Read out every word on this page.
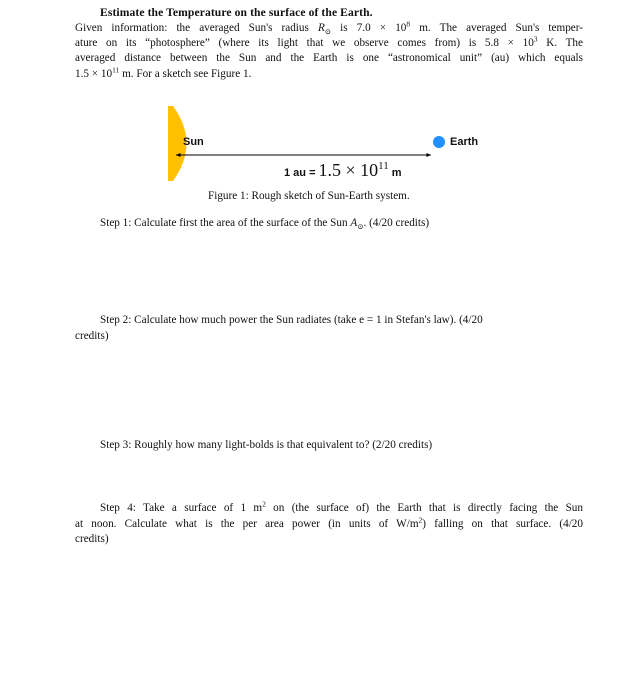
Estimate the Temperature on the surface of the Earth.
Given information: the averaged Sun's radius $R_⊙$ is $7.0 \times 10^8$ m. The averaged Sun's temper-
ature on its “photosphere” (where its light that we observe comes from) is $5.8 \times 10^3$ K. The
averaged distance between the Sun and the Earth is one “astronomical unit” (au) which equals
$1.5 \times 10^{11}$ m. For a sketch see Figure 1.
Sun	Earth
1 au = $1.5 \times 10^{11}$
m
Figure 1: Rough sketch of Sun-Earth system.
Step 1: Calculate first the area of the surface of the Sun $A_⊙$. (4/20 credits)
Step 2: Calculate how much power the Sun radiates (take e = 1 in Stefan's law). (4/20
credits)
Step 3: Roughly how many light-bolds is that equivalent to? (2/20 credits)
Step 4: Take a surface of 1 $m^2$ on (the surface of) the Earth that is directly facing the Sun
at noon. Calculate what is the per area power (in units of $W/m^2$) falling on that surface. (4/20
credits)
